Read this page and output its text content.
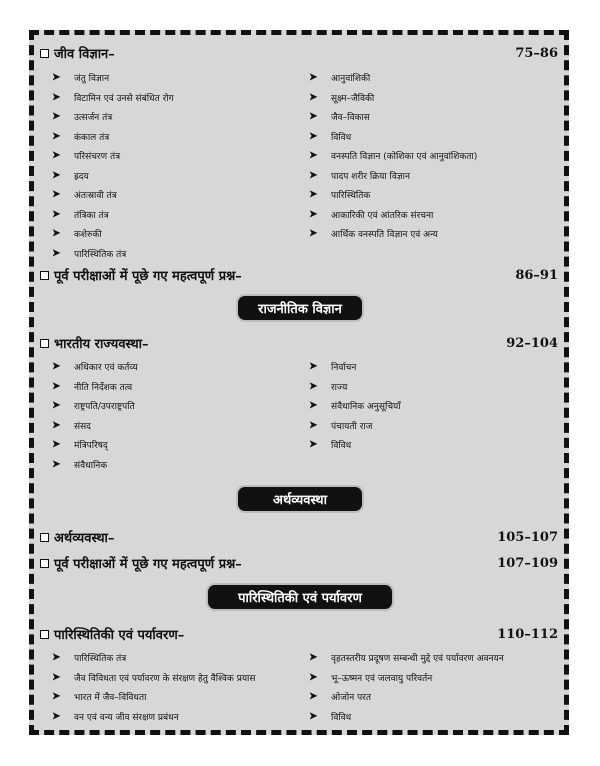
जीव विज्ञान–	75–86
➤	जंतु विज्ञान
➤	विटामिन एवं उनसे संबंधित रोग
➤	उत्सर्जन तंत्र
➤	कंकाल तंत्र
➤	परिसंचरण तंत्र
➤	ह्रदय
➤	अंतःस्रावी तंत्र
➤	तंत्रिका तंत्र
➤	कशेरुकी
➤	पारिस्थितिक तंत्र
➤	आनुवांशिकी
➤	सूक्ष्म–जैविकी
➤	जैव–विकास
➤	विविध
➤	वनस्पति विज्ञान (कोशिका एवं आनुवांशिकता)
➤	पादप शरीर क्रिया विज्ञान
➤	पारिस्थितिक
➤	आकारिकी एवं आंतरिक संरचना
➤	आर्थिक वनस्पति विज्ञान एवं अन्य
पूर्व परीक्षाओं में पूछे गए महत्वपूर्ण प्रश्न–	86–91
राजनीतिक विज्ञान
भारतीय राज्यवस्था–	92–104
➤	अधिकार एवं कर्तव्य
➤	नीति निर्देशक तत्व
➤	राष्ट्रपति/उपराष्ट्रपति
➤	संसद
➤	मंत्रिपरिषद्
➤	संवैधानिक
➤	निर्वाचन
➤	राज्य
➤	संवैधानिक अनुसूचियाँ
➤	पंचायती राज
➤	विविध
अर्थव्यवस्था
अर्थव्यवस्था–	105–107
पूर्व परीक्षाओं में पूछे गए महत्वपूर्ण प्रश्न–	107–109
पारिस्थितिकी एवं पर्यावरण
पारिस्थितिकी एवं पर्यावरण–	110–112
➤	पारिस्थितिक तंत्र
➤	जैव विविधता एवं पर्यावरण के संरक्षण हेतु वैश्विक प्रयास
➤	भारत में जैव–विविधता
➤	वन एवं वन्य जीव संरक्षण प्रबंधन
➤	वृहतस्तरीय प्रदूषण सम्बन्धी मुद्दे एवं पर्यावरण अवनयन
➤	भू–ऊष्मन एवं जलवायु परिवर्तन
➤	ओजोन परत
➤	विविध
